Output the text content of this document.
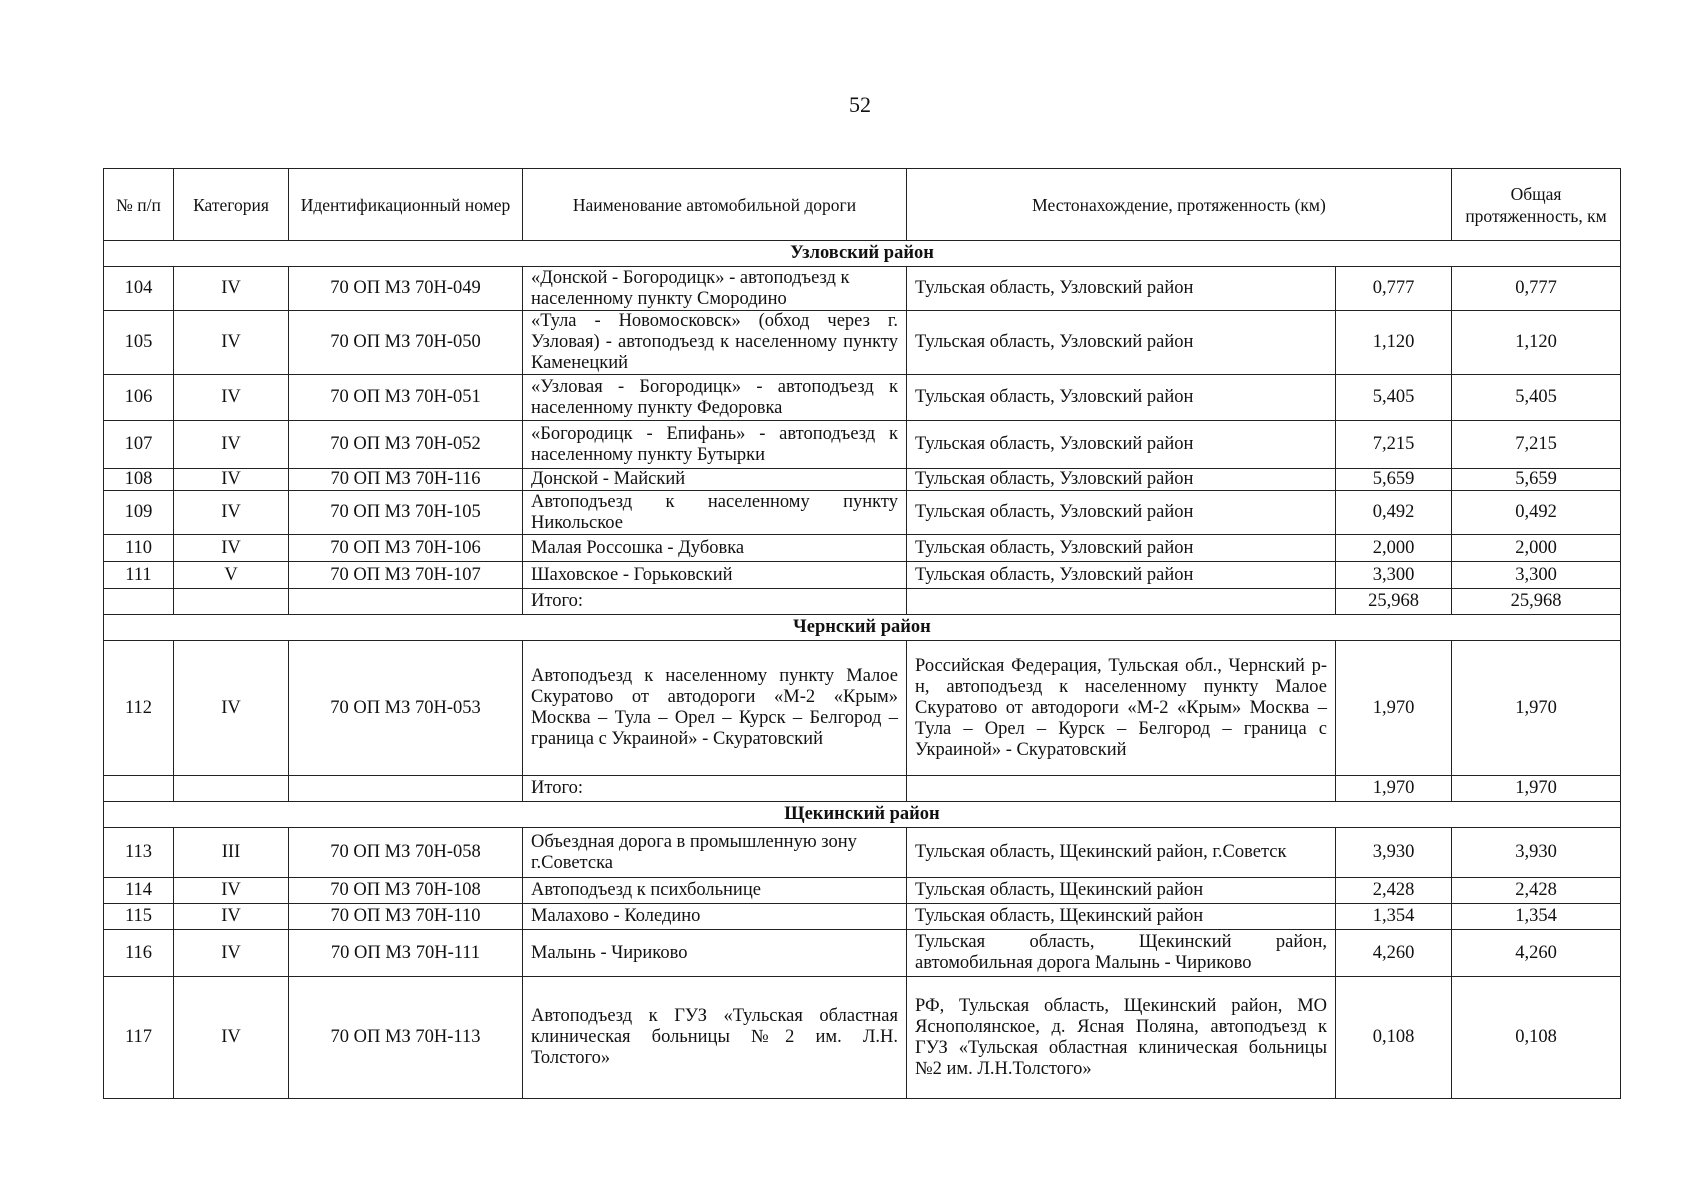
52
№ п/п	Категория	Идентификационный номер	Наименование автомобильной дороги	Местонахождение, протяженность (км)		Общая протяженность, км
Узловский район						
104	IV	70 ОП МЗ 70Н-049	«Донской - Богородицк» - автоподъезд к населенному пункту Смородино	Тульская область, Узловский район	0,777	0,777
105	IV	70 ОП МЗ 70Н-050	«Тула - Новомосковск» (обход через г. Узловая) - автоподъезд к населенному пункту Каменецкий	Тульская область, Узловский район	1,120	1,120
106	IV	70 ОП МЗ 70Н-051	«Узловая - Богородицк» - автоподъезд к населенному пункту Федоровка	Тульская область, Узловский район	5,405	5,405
107	IV	70 ОП МЗ 70Н-052	«Богородицк - Епифань» - автоподъезд к населенному пункту Бутырки	Тульская область, Узловский район	7,215	7,215
108	IV	70 ОП МЗ 70Н-116	Донской - Майский	Тульская область, Узловский район	5,659	5,659
109	IV	70 ОП МЗ 70Н-105	Автоподъезд к населенному пункту Никольское	Тульская область, Узловский район	0,492	0,492
110	IV	70 ОП МЗ 70Н-106	Малая Россошка - Дубовка	Тульская область, Узловский район	2,000	2,000
111	V	70 ОП МЗ 70Н-107	Шаховское - Горьковский	Тульская область, Узловский район	3,300	3,300
			Итого:		25,968	25,968
Чернский район						
112	IV	70 ОП МЗ 70Н-053	Автоподъезд к населенному пункту Малое Скуратово от автодороги «М-2 «Крым» Москва – Тула – Орел – Курск – Белгород – граница с Украиной» - Скуратовский	Российская Федерация, Тульская обл., Чернский р-н, автоподъезд к населенному пункту Малое Скуратово от автодороги «М-2 «Крым» Москва – Тула – Орел – Курск – Белгород – граница с Украиной» - Скуратовский	1,970	1,970
			Итого:		1,970	1,970
Щекинский район						
113	III	70 ОП МЗ 70Н-058	Объездная дорога в промышленную зону г.Советска	Тульская область, Щекинский район, г.Советск	3,930	3,930
114	IV	70 ОП МЗ 70Н-108	Автоподъезд к психбольнице	Тульская область, Щекинский район	2,428	2,428
115	IV	70 ОП МЗ 70Н-110	Малахово - Коледино	Тульская область, Щекинский район	1,354	1,354
116	IV	70 ОП МЗ 70Н-111	Малынь - Чириково	Тульская область, Щекинский район, автомобильная дорога Малынь - Чириково	4,260	4,260
117	IV	70 ОП МЗ 70Н-113	Автоподъезд к ГУЗ «Тульская областная клиническая больницы №2 им. Л.Н. Толстого»	РФ, Тульская область, Щекинский район, МО Яснополянское, д. Ясная Поляна, автоподъезд к ГУЗ «Тульская областная клиническая больницы №2 им. Л.Н.Толстого»	0,108	0,108
